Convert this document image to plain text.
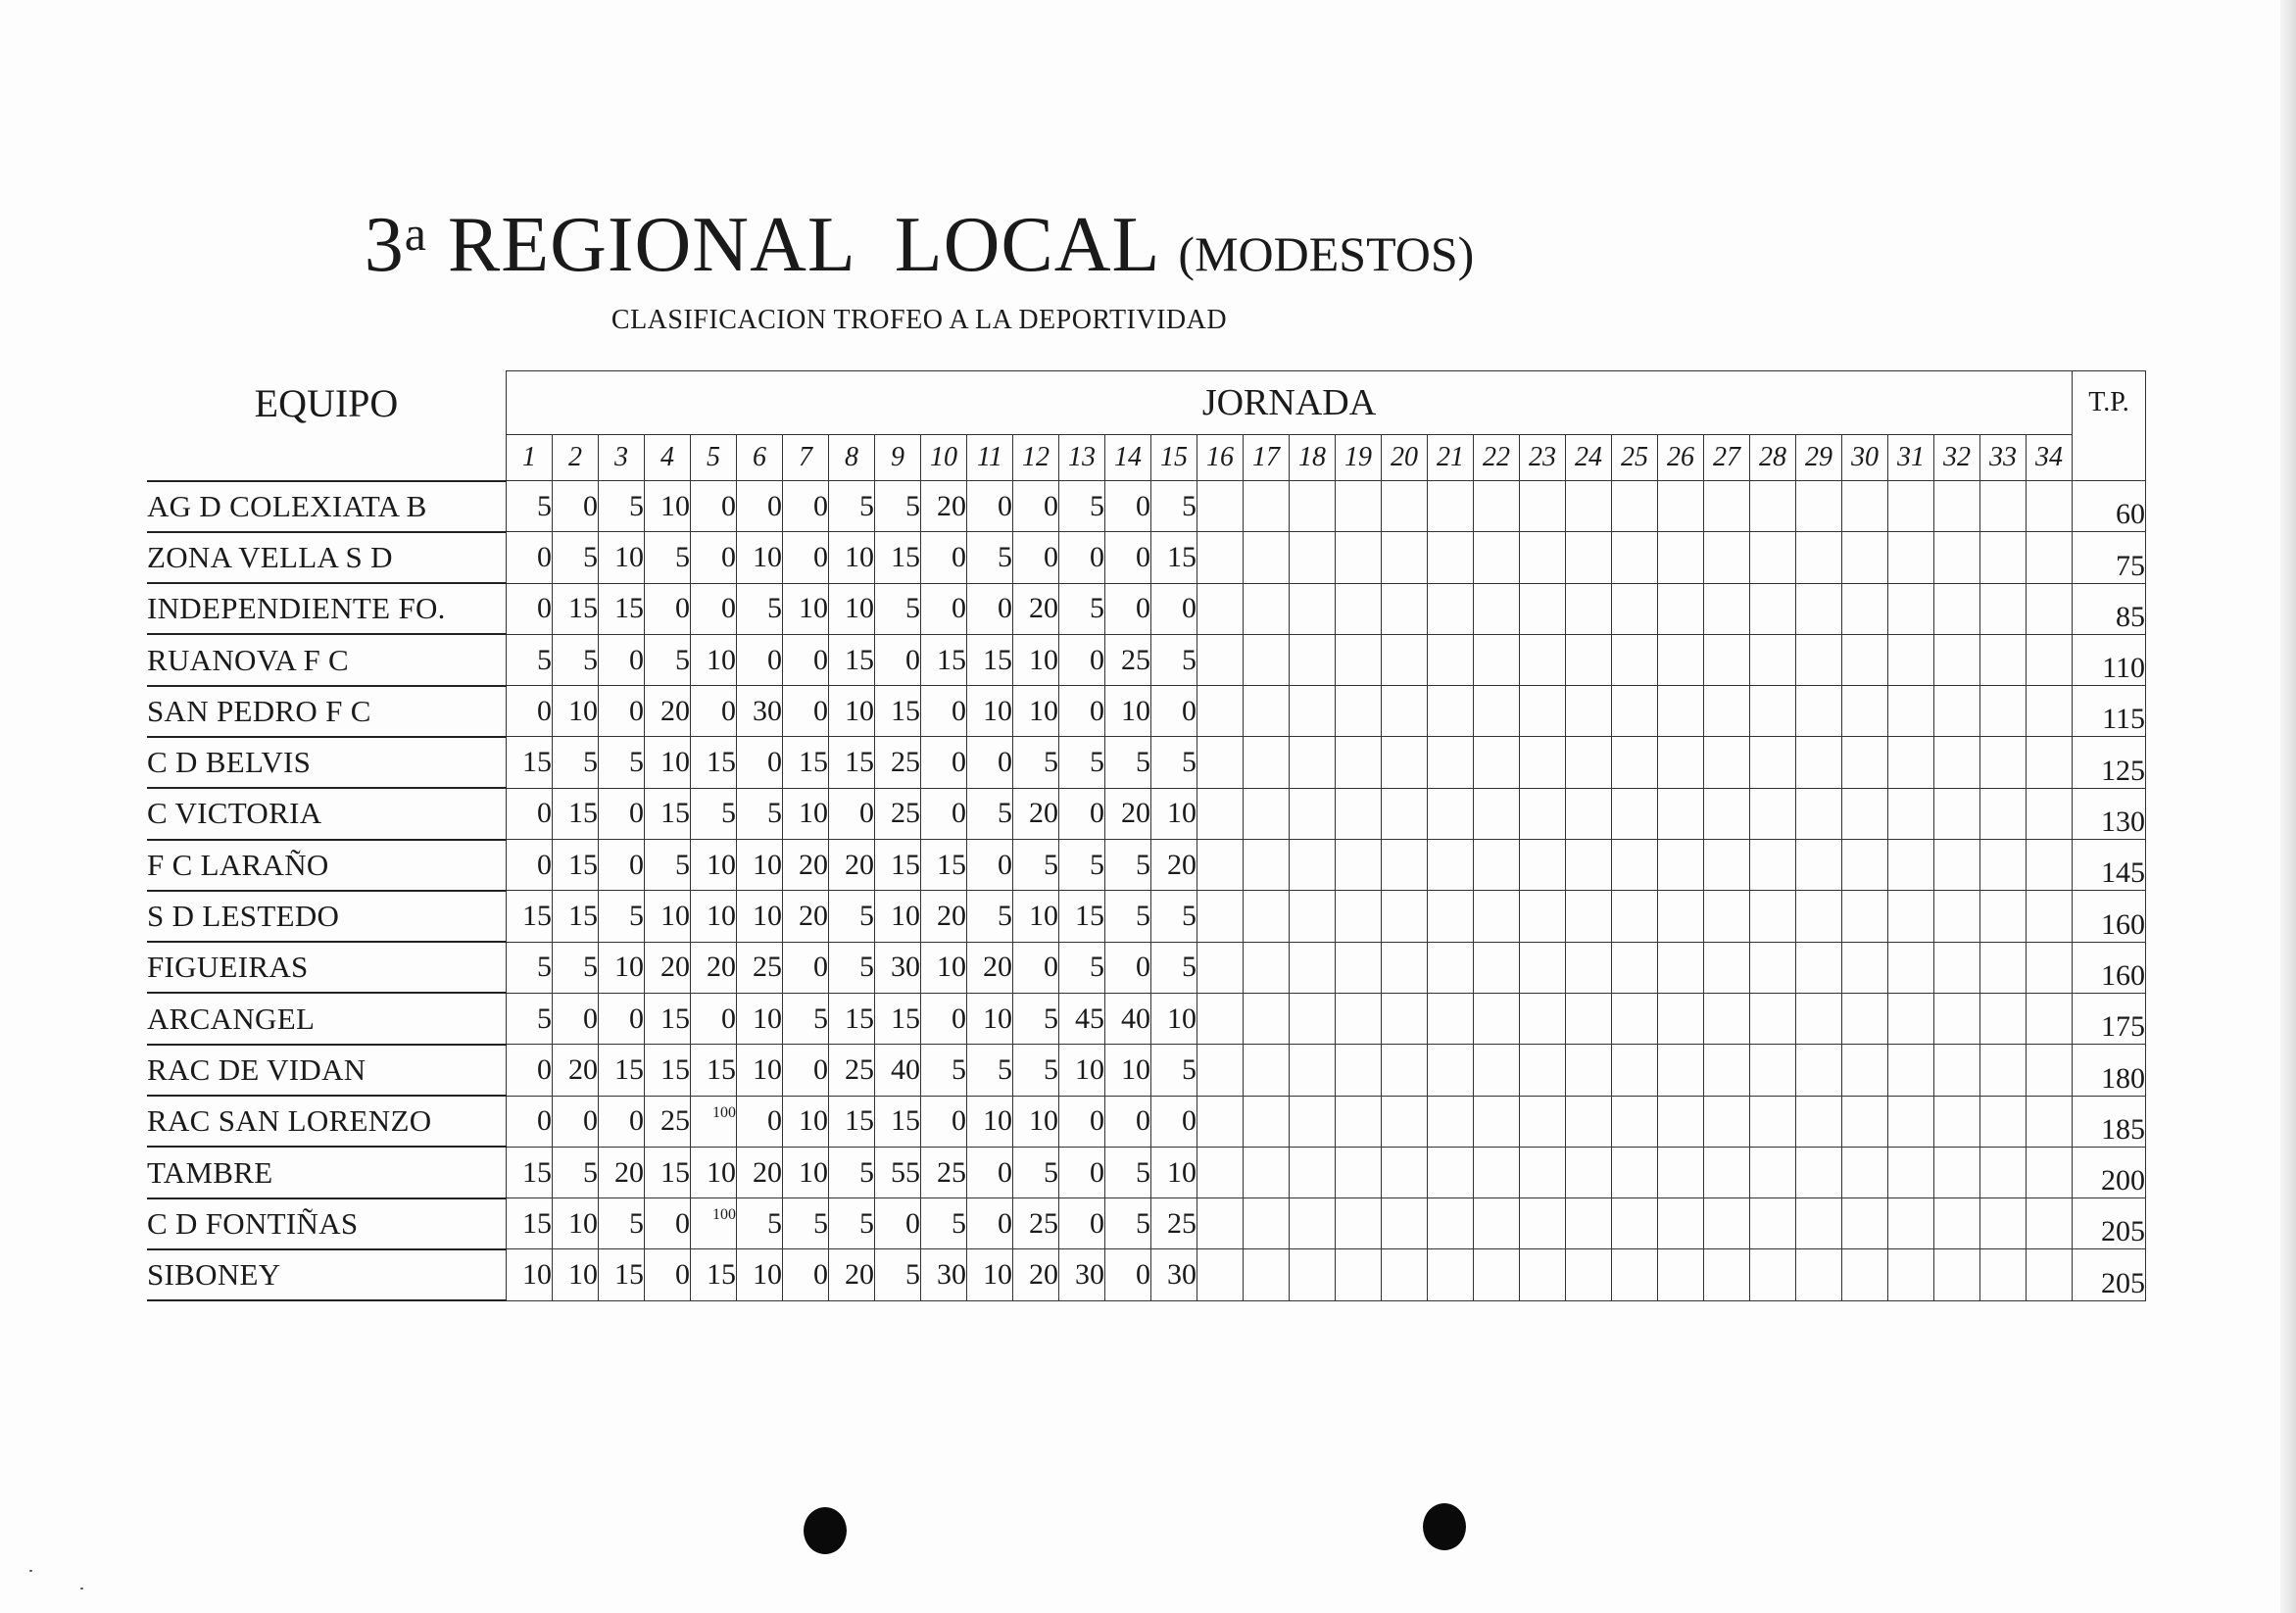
3$^a$ REGIONAL  LOCAL (MODESTOS)
CLASIFICACION TROFEO A LA DEPORTIVIDAD
EQUIPO	JORNADA																																		T.P.
	1	2	3	4	5	6	7	8	9	10	11	12	13	14	15	16	17	18	19	20	21	22	23	24	25	26	27	28	29	30	31	32	33	34	
AG D COLEXIATA B	5	0	5	10	0	0	0	5	5	20	0	0	5	0	5																				60
ZONA VELLA S D	0	5	10	5	0	10	0	10	15	0	5	0	0	0	15																				75
INDEPENDIENTE FO.	0	15	15	0	0	5	10	10	5	0	0	20	5	0	0																				85
RUANOVA F C	5	5	0	5	10	0	0	15	0	15	15	10	0	25	5																				110
SAN PEDRO F C	0	10	0	20	0	30	0	10	15	0	10	10	0	10	0																				115
C D BELVIS	15	5	5	10	15	0	15	15	25	0	0	5	5	5	5																				125
C VICTORIA	0	15	0	15	5	5	10	0	25	0	5	20	0	20	10																				130
F C LARAÑO	0	15	0	5	10	10	20	20	15	15	0	5	5	5	20																				145
S D LESTEDO	15	15	5	10	10	10	20	5	10	20	5	10	15	5	5																				160
FIGUEIRAS	5	5	10	20	20	25	0	5	30	10	20	0	5	0	5																				160
ARCANGEL	5	0	0	15	0	10	5	15	15	0	10	5	45	40	10																				175
RAC DE VIDAN	0	20	15	15	15	10	0	25	40	5	5	5	10	10	5																				180
RAC SAN LORENZO	0	0	0	25	100	0	10	15	15	0	10	10	0	0	0																				185
TAMBRE	15	5	20	15	10	20	10	5	55	25	0	5	0	5	10																				200
C D FONTIÑAS	15	10	5	0	100	5	5	5	0	5	0	25	0	5	25																				205
SIBONEY	10	10	15	0	15	10	0	20	5	30	10	20	30	0	30																				205
